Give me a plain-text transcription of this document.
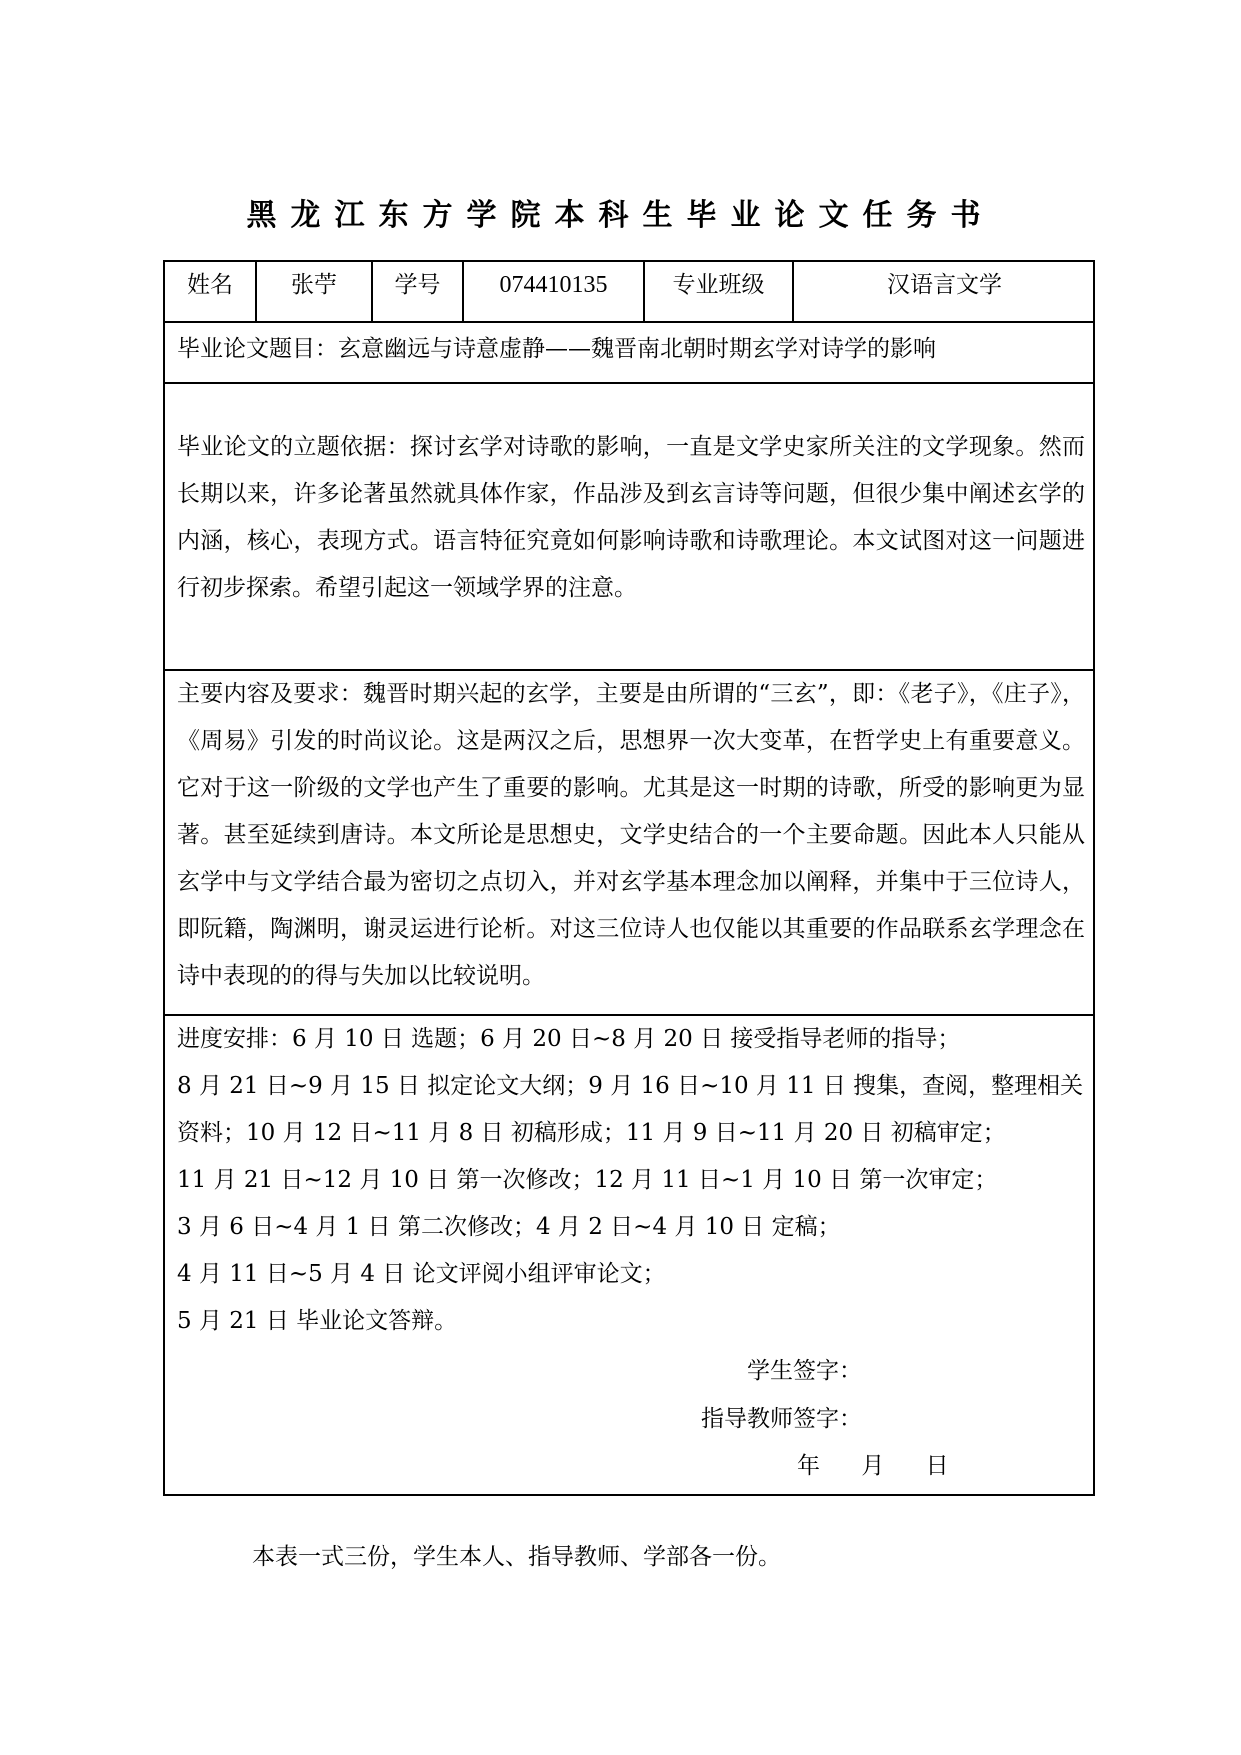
黑龙江东方学院本科生毕业论文任务书
姓名	张苧	学号	074410135	专业班级	汉语言文学
毕业论文题目：玄意幽远与诗意虚静——魏晋南北朝时期玄学对诗学的影响
毕业论文的立题依据：探讨玄学对诗歌的影响，一直是文学史家所关注的文学现象。然而长期以来，许多论著虽然就具体作家，作品涉及到玄言诗等问题，但很少集中阐述玄学的内涵，核心，表现方式。语言特征究竟如何影响诗歌和诗歌理论。本文试图对这一问题进行初步探索。希望引起这一领域学界的注意。
主要内容及要求：魏晋时期兴起的玄学，主要是由所谓的“三玄”，即：《老子》，《庄子》，《周易》引发的时尚议论。这是两汉之后，思想界一次大变革，在哲学史上有重要意义。它对于这一阶级的文学也产生了重要的影响。尤其是这一时期的诗歌，所受的影响更为显著。甚至延续到唐诗。本文所论是思想史，文学史结合的一个主要命题。因此本人只能从玄学中与文学结合最为密切之点切入，并对玄学基本理念加以阐释，并集中于三位诗人，即阮籍，陶渊明，谢灵运进行论析。对这三位诗人也仅能以其重要的作品联系玄学理念在诗中表现的的得与失加以比较说明。
进度安排：6 月 10 日 选题；6 月 20 日~8 月 20 日 接受指导老师的指导；
8 月 21 日~9 月 15 日 拟定论文大纲；9 月 16 日~10 月 11 日 搜集，查阅，整理相关
资料；10 月 12 日~11 月 8 日 初稿形成；11 月 9 日~11 月 20 日 初稿审定；
11 月 21 日~12 月 10 日 第一次修改；12 月 11 日~1 月 10 日 第一次审定；
3 月 6 日~4 月 1 日 第二次修改；4 月 2 日~4 月 10 日 定稿；
4 月 11 日~5 月 4 日 论文评阅小组评审论文；
5 月 21 日 毕业论文答辩。
学生签字：
指导教师签字：
年 月 日
本表一式三份，学生本人、指导教师、学部各一份。
